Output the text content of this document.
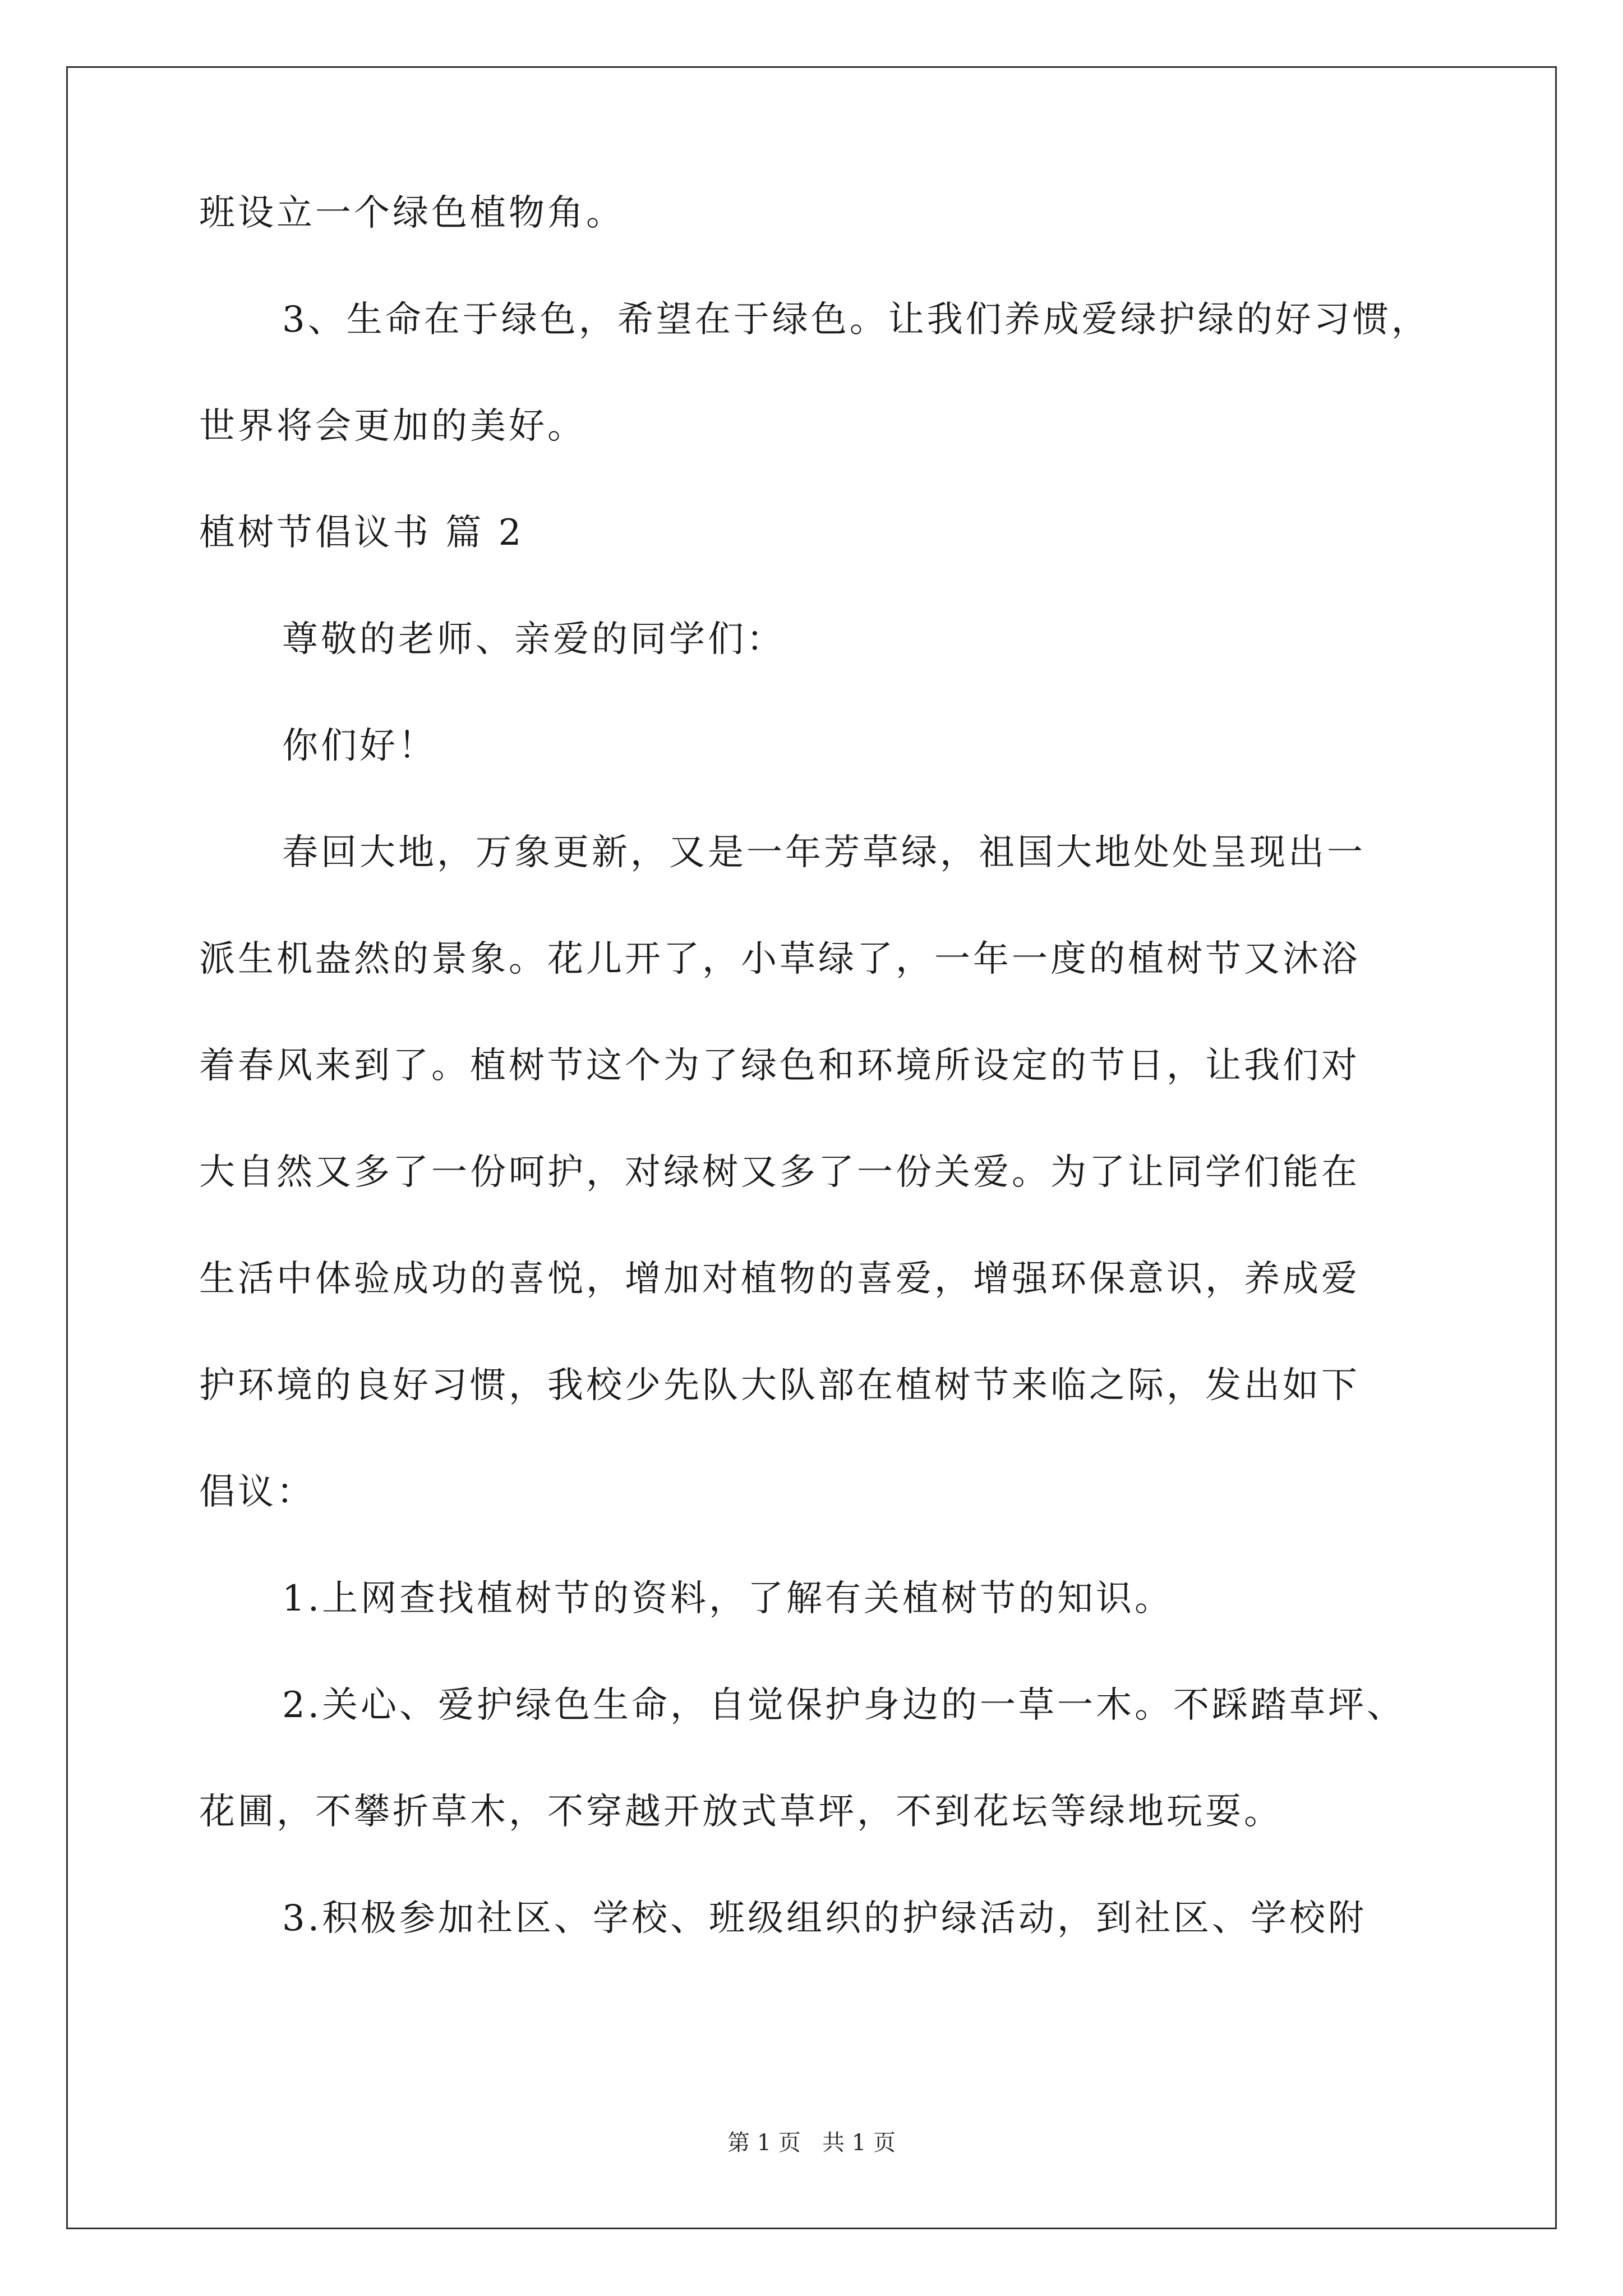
班设立一个绿色植物角。
3、生命在于绿色，希望在于绿色。让我们养成爱绿护绿的好习惯，
世界将会更加的美好。
植树节倡议书 篇 2
尊敬的老师、亲爱的同学们：
你们好！
春回大地，万象更新，又是一年芳草绿，祖国大地处处呈现出一
派生机盎然的景象。花儿开了，小草绿了，一年一度的植树节又沐浴
着春风来到了。植树节这个为了绿色和环境所设定的节日，让我们对
大自然又多了一份呵护，对绿树又多了一份关爱。为了让同学们能在
生活中体验成功的喜悦，增加对植物的喜爱，增强环保意识，养成爱
护环境的良好习惯，我校少先队大队部在植树节来临之际，发出如下
倡议：
1.上网查找植树节的资料，了解有关植树节的知识。
2.关心、爱护绿色生命，自觉保护身边的一草一木。不踩踏草坪、
花圃，不攀折草木，不穿越开放式草坪，不到花坛等绿地玩耍。
3.积极参加社区、学校、班级组织的护绿活动，到社区、学校附
第 1 页   共 1 页
